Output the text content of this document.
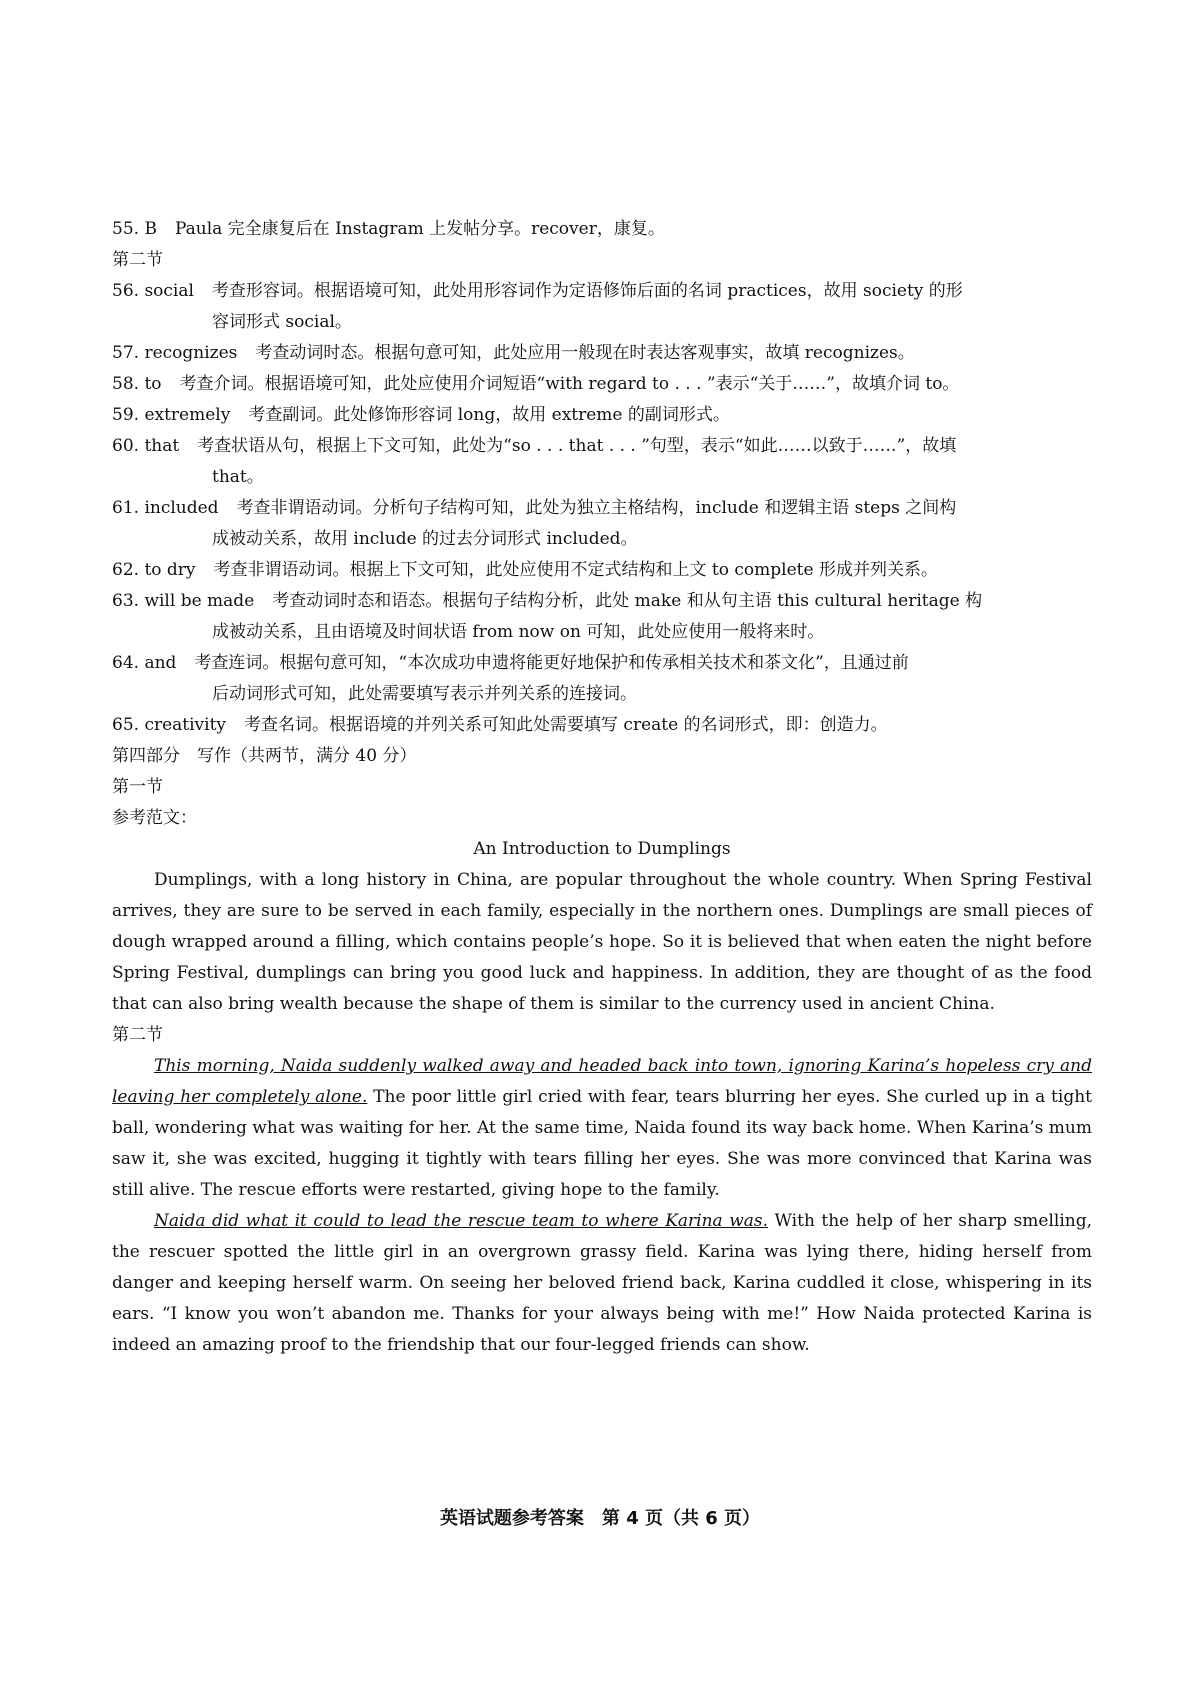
55. B Paula 完全康复后在 Instagram 上发帖分享。recover，康复。
第二节
56. social 考查形容词。根据语境可知，此处用形容词作为定语修饰后面的名词 practices，故用 society 的形
容词形式 social。
57. recognizes 考查动词时态。根据句意可知，此处应用一般现在时表达客观事实，故填 recognizes。
58. to 考查介词。根据语境可知，此处应使用介词短语“with regard to . . . ”表示“关于……”，故填介词 to。
59. extremely 考查副词。此处修饰形容词 long，故用 extreme 的副词形式。
60. that 考查状语从句，根据上下文可知，此处为“so . . . that . . . ”句型，表示“如此……以致于……”，故填
that。
61. included 考查非谓语动词。分析句子结构可知，此处为独立主格结构，include 和逻辑主语 steps 之间构
成被动关系，故用 include 的过去分词形式 included。
62. to dry 考查非谓语动词。根据上下文可知，此处应使用不定式结构和上文 to complete 形成并列关系。
63. will be made 考查动词时态和语态。根据句子结构分析，此处 make 和从句主语 this cultural heritage 构
成被动关系，且由语境及时间状语 from now on 可知，此处应使用一般将来时。
64. and 考查连词。根据句意可知，“本次成功申遗将能更好地保护和传承相关技术和茶文化”，且通过前
后动词形式可知，此处需要填写表示并列关系的连接词。
65. creativity 考查名词。根据语境的并列关系可知此处需要填写 create 的名词形式，即：创造力。
第四部分　写作（共两节，满分 40 分）
第一节
参考范文：
An Introduction to Dumplings
Dumplings, with a long history in China, are popular throughout the whole country. When Spring Festival arrives, they are sure to be served in each family, especially in the northern ones. Dumplings are small pieces of dough wrapped around a filling, which contains people’s hope. So it is believed that when eaten the night before Spring Festival, dumplings can bring you good luck and happiness. In addition, they are thought of as the food that can also bring wealth because the shape of them is similar to the currency used in ancient China.
第二节
This morning, Naida suddenly walked away and headed back into town, ignoring Karina’s hopeless cry and leaving her completely alone. The poor little girl cried with fear, tears blurring her eyes. She curled up in a tight ball, wondering what was waiting for her. At the same time, Naida found its way back home. When Karina’s mum saw it, she was excited, hugging it tightly with tears filling her eyes. She was more convinced that Karina was still alive. The rescue efforts were restarted, giving hope to the family.
Naida did what it could to lead the rescue team to where Karina was. With the help of her sharp smelling, the rescuer spotted the little girl in an overgrown grassy field. Karina was lying there, hiding herself from danger and keeping herself warm. On seeing her beloved friend back, Karina cuddled it close, whispering in its ears. “I know you won’t abandon me. Thanks for your always being with me!” How Naida protected Karina is indeed an amazing proof to the friendship that our four-legged friends can show.
英语试题参考答案　第 4 页（共 6 页）
